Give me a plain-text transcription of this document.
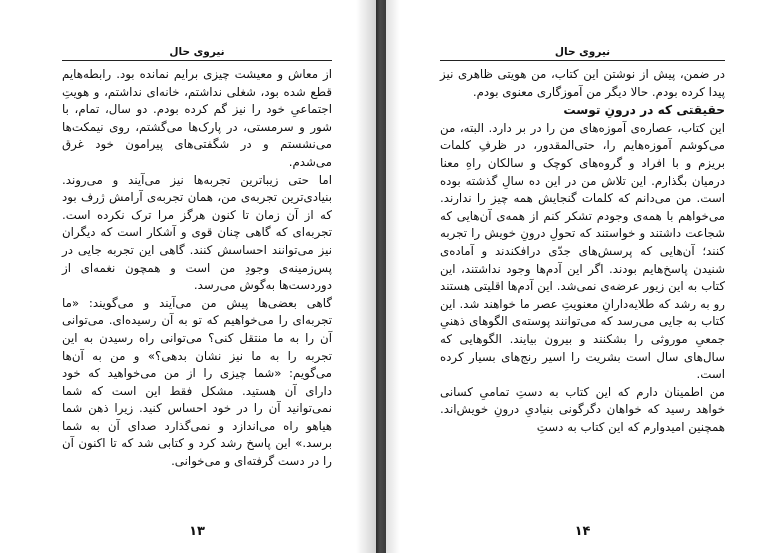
نیروی حال

از معاش و معیشت چیزی برایم نمانده بود. رابطه‌هایم قطع شده بود، شغلی نداشتم، خانه‌ای نداشتم، و هویتِ اجتماعیِ خود را نیز گم کرده بودم. دو سال، تمام، با شور و سرمستی، در پارک‌ها می‌گشتم، روی نیمکت‌ها می‌نشستم و در شگفتی‌های پیرامون خود غرق می‌شدم.

اما حتی زیباترین تجربه‌ها نیز می‌آیند و می‌روند. بنیادی‌ترین تجربه‌ی من، همان تجربه‌ی آرامش ژرف بود که از آن زمان تا کنون هرگز مرا ترک نکرده است. تجربه‌ای که گاهی چنان قوی و آشکار است که دیگران نیز می‌توانند احساسش کنند. گاهی این تجربه جایی در پس‌زمینه‌ی وجودِ من است و همچون نغمه‌ای از دوردست‌ها به‌گوش می‌رسد.

گاهی بعضی‌ها پیش من می‌آیند و می‌گویند: «ما تجربه‌ای را می‌خواهیم که تو به آن رسیده‌ای. می‌توانی آن را به ما منتقل کنی؟ می‌توانی راه رسیدن به این تجربه را به ما نیز نشان بدهی؟» و من به آن‌ها می‌گویم: «شما چیزی را از من می‌خواهید که خود دارای آن هستید. مشکل فقط این است که شما نمی‌توانید آن را در خود احساس کنید. زیرا ذهن شما هیاهو راه می‌اندازد و نمی‌گذارد صدای آن به شما برسد.» این پاسخ رشد کرد و کتابی شد که تا اکنون آن را در دست گرفته‌ای و می‌خوانی.

۱۳
نیروی حال

در ضمن، پیش از نوشتن این کتاب، من هویتی ظاهری نیز پیدا کرده بودم. حالا دیگر من آموزگاری معنوی بودم.

حقیقتی که در درونِ توست

این کتاب، عصاره‌ی آموزه‌های من را در بر دارد. البته، من می‌کوشم آموزه‌هایم را، حتی‌المقدور، در ظرفِ کلمات بریزم و با افراد و گروه‌های کوچک و سالکان راهِ معنا درمیان بگذارم. این تلاش من در این ده سالِ گذشته بوده است. من می‌دانم که کلمات گنجایش همه چیز را ندارند. می‌خواهم با همه‌ی وجودم تشکر کنم از همه‌ی آن‌هایی که شجاعت داشتند و خواستند که تحولِ درونِ خویش را تجربه کنند؛ آن‌هایی که پرسش‌های جدّی درافکندند و آماده‌ی شنیدن پاسخ‌هایم بودند. اگر این آدم‌ها وجود نداشتند، این کتاب به این زیور عرضه‌ی نمی‌شد. این آدم‌ها اقلیتی هستند رو به رشد که طلایه‌دارانِ معنویتِ عصر ما خواهند شد. این کتاب به جایی می‌رسد که می‌توانند پوسته‌ی الگوهای ذهنیِ جمعیِ موروثی را بشکنند و بیرون بیایند. الگوهایی که سال‌های سال است بشریت را اسیر رنج‌های بسیار کرده است.

من اطمینان دارم که این کتاب به دستِ تمامیِ کسانی خواهد رسید که خواهان دگرگونی بنیادیِ درونِ خویش‌اند. همچنین امیدوارم که این کتاب به دستِ

۱۴
